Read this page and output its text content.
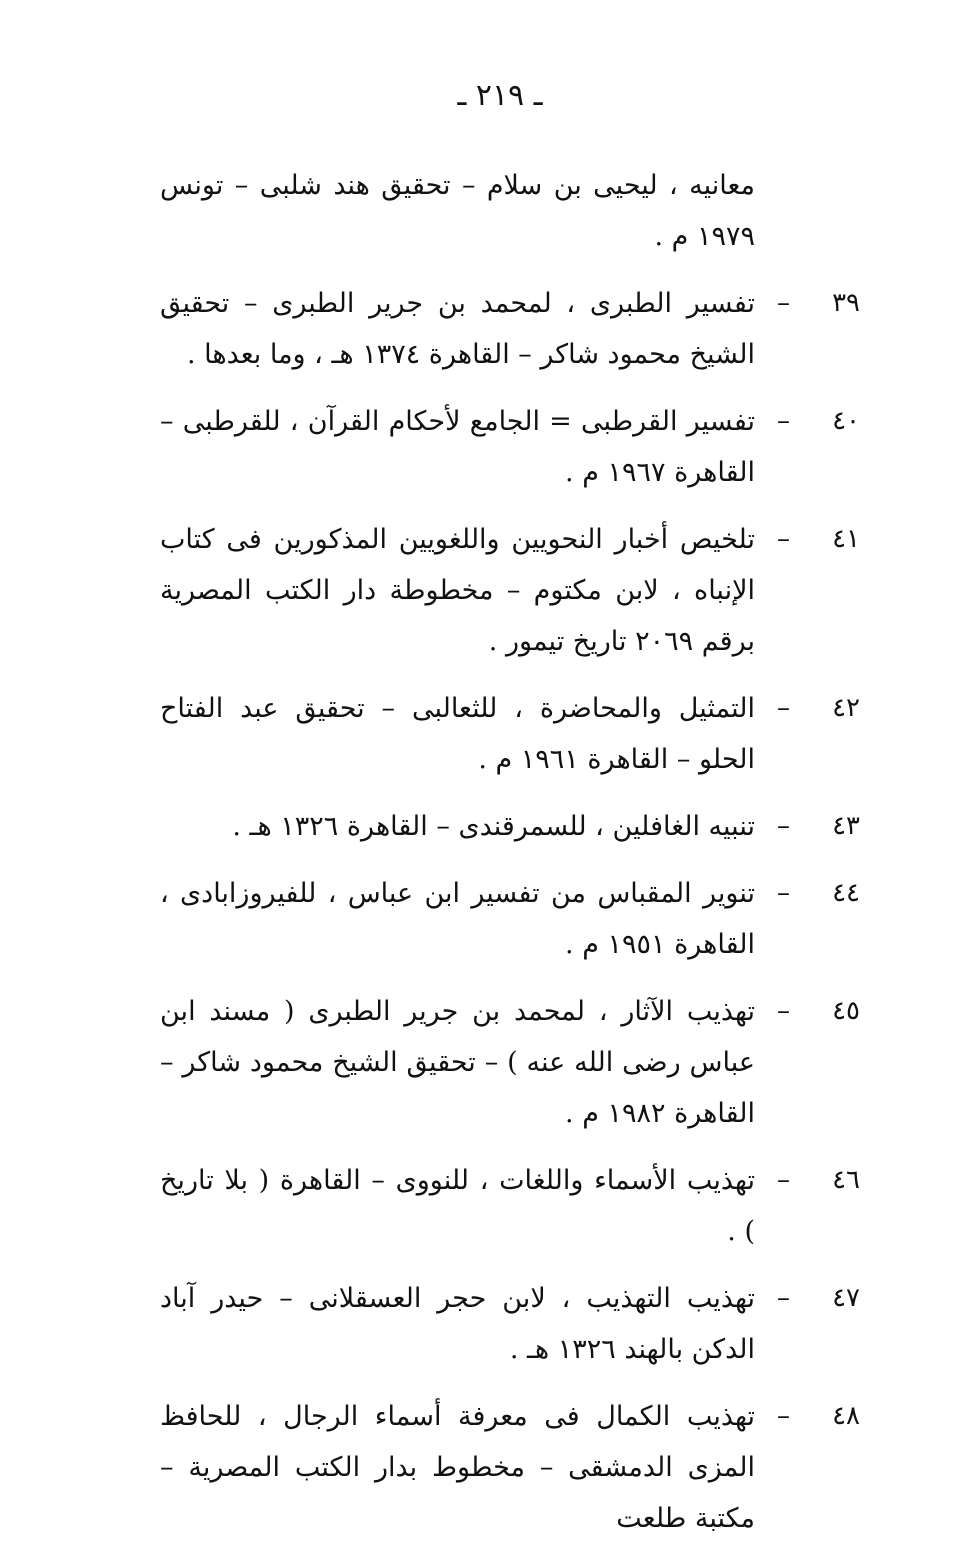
ـ ٢١٩ ـ
معانيه ، ليحيى بن سلام – تحقيق هند شلبى – تونس ١٩٧٩ م .
٣٩
–
تفسير الطبرى ، لمحمد بن جرير الطبرى – تحقيق الشيخ محمود شاكر – القاهرة ١٣٧٤ هـ ، وما بعدها .
٤٠
–
تفسير القرطبى = الجامع لأحكام القرآن ، للقرطبى – القاهرة ١٩٦٧ م .
٤١
–
تلخيص أخبار النحويين واللغويين المذكورين فى كتاب الإنباه ، لابن مكتوم – مخطوطة دار الكتب المصرية برقم ٢٠٦٩ تاريخ تيمور .
٤٢
–
التمثيل والمحاضرة ، للثعالبى – تحقيق عبد الفتاح الحلو – القاهرة ١٩٦١ م .
٤٣
–
تنبيه الغافلين ، للسمرقندى – القاهرة ١٣٢٦ هـ .
٤٤
–
تنوير المقباس من تفسير ابن عباس ، للفيروزابادى ، القاهرة ١٩٥١ م .
٤٥
–
تهذيب الآثار ، لمحمد بن جرير الطبرى ( مسند ابن عباس رضى الله عنه ) – تحقيق الشيخ محمود شاكر – القاهرة ١٩٨٢ م .
٤٦
–
تهذيب الأسماء واللغات ، للنووى – القاهرة ( بلا تاريخ ) .
٤٧
–
تهذيب التهذيب ، لابن حجر العسقلانى – حيدر آباد الدكن بالهند ١٣٢٦ هـ .
٤٨
–
تهذيب الكمال فى معرفة أسماء الرجال ، للحافظ المزى الدمشقى – مخطوط بدار الكتب المصرية – مكتبة طلعت
